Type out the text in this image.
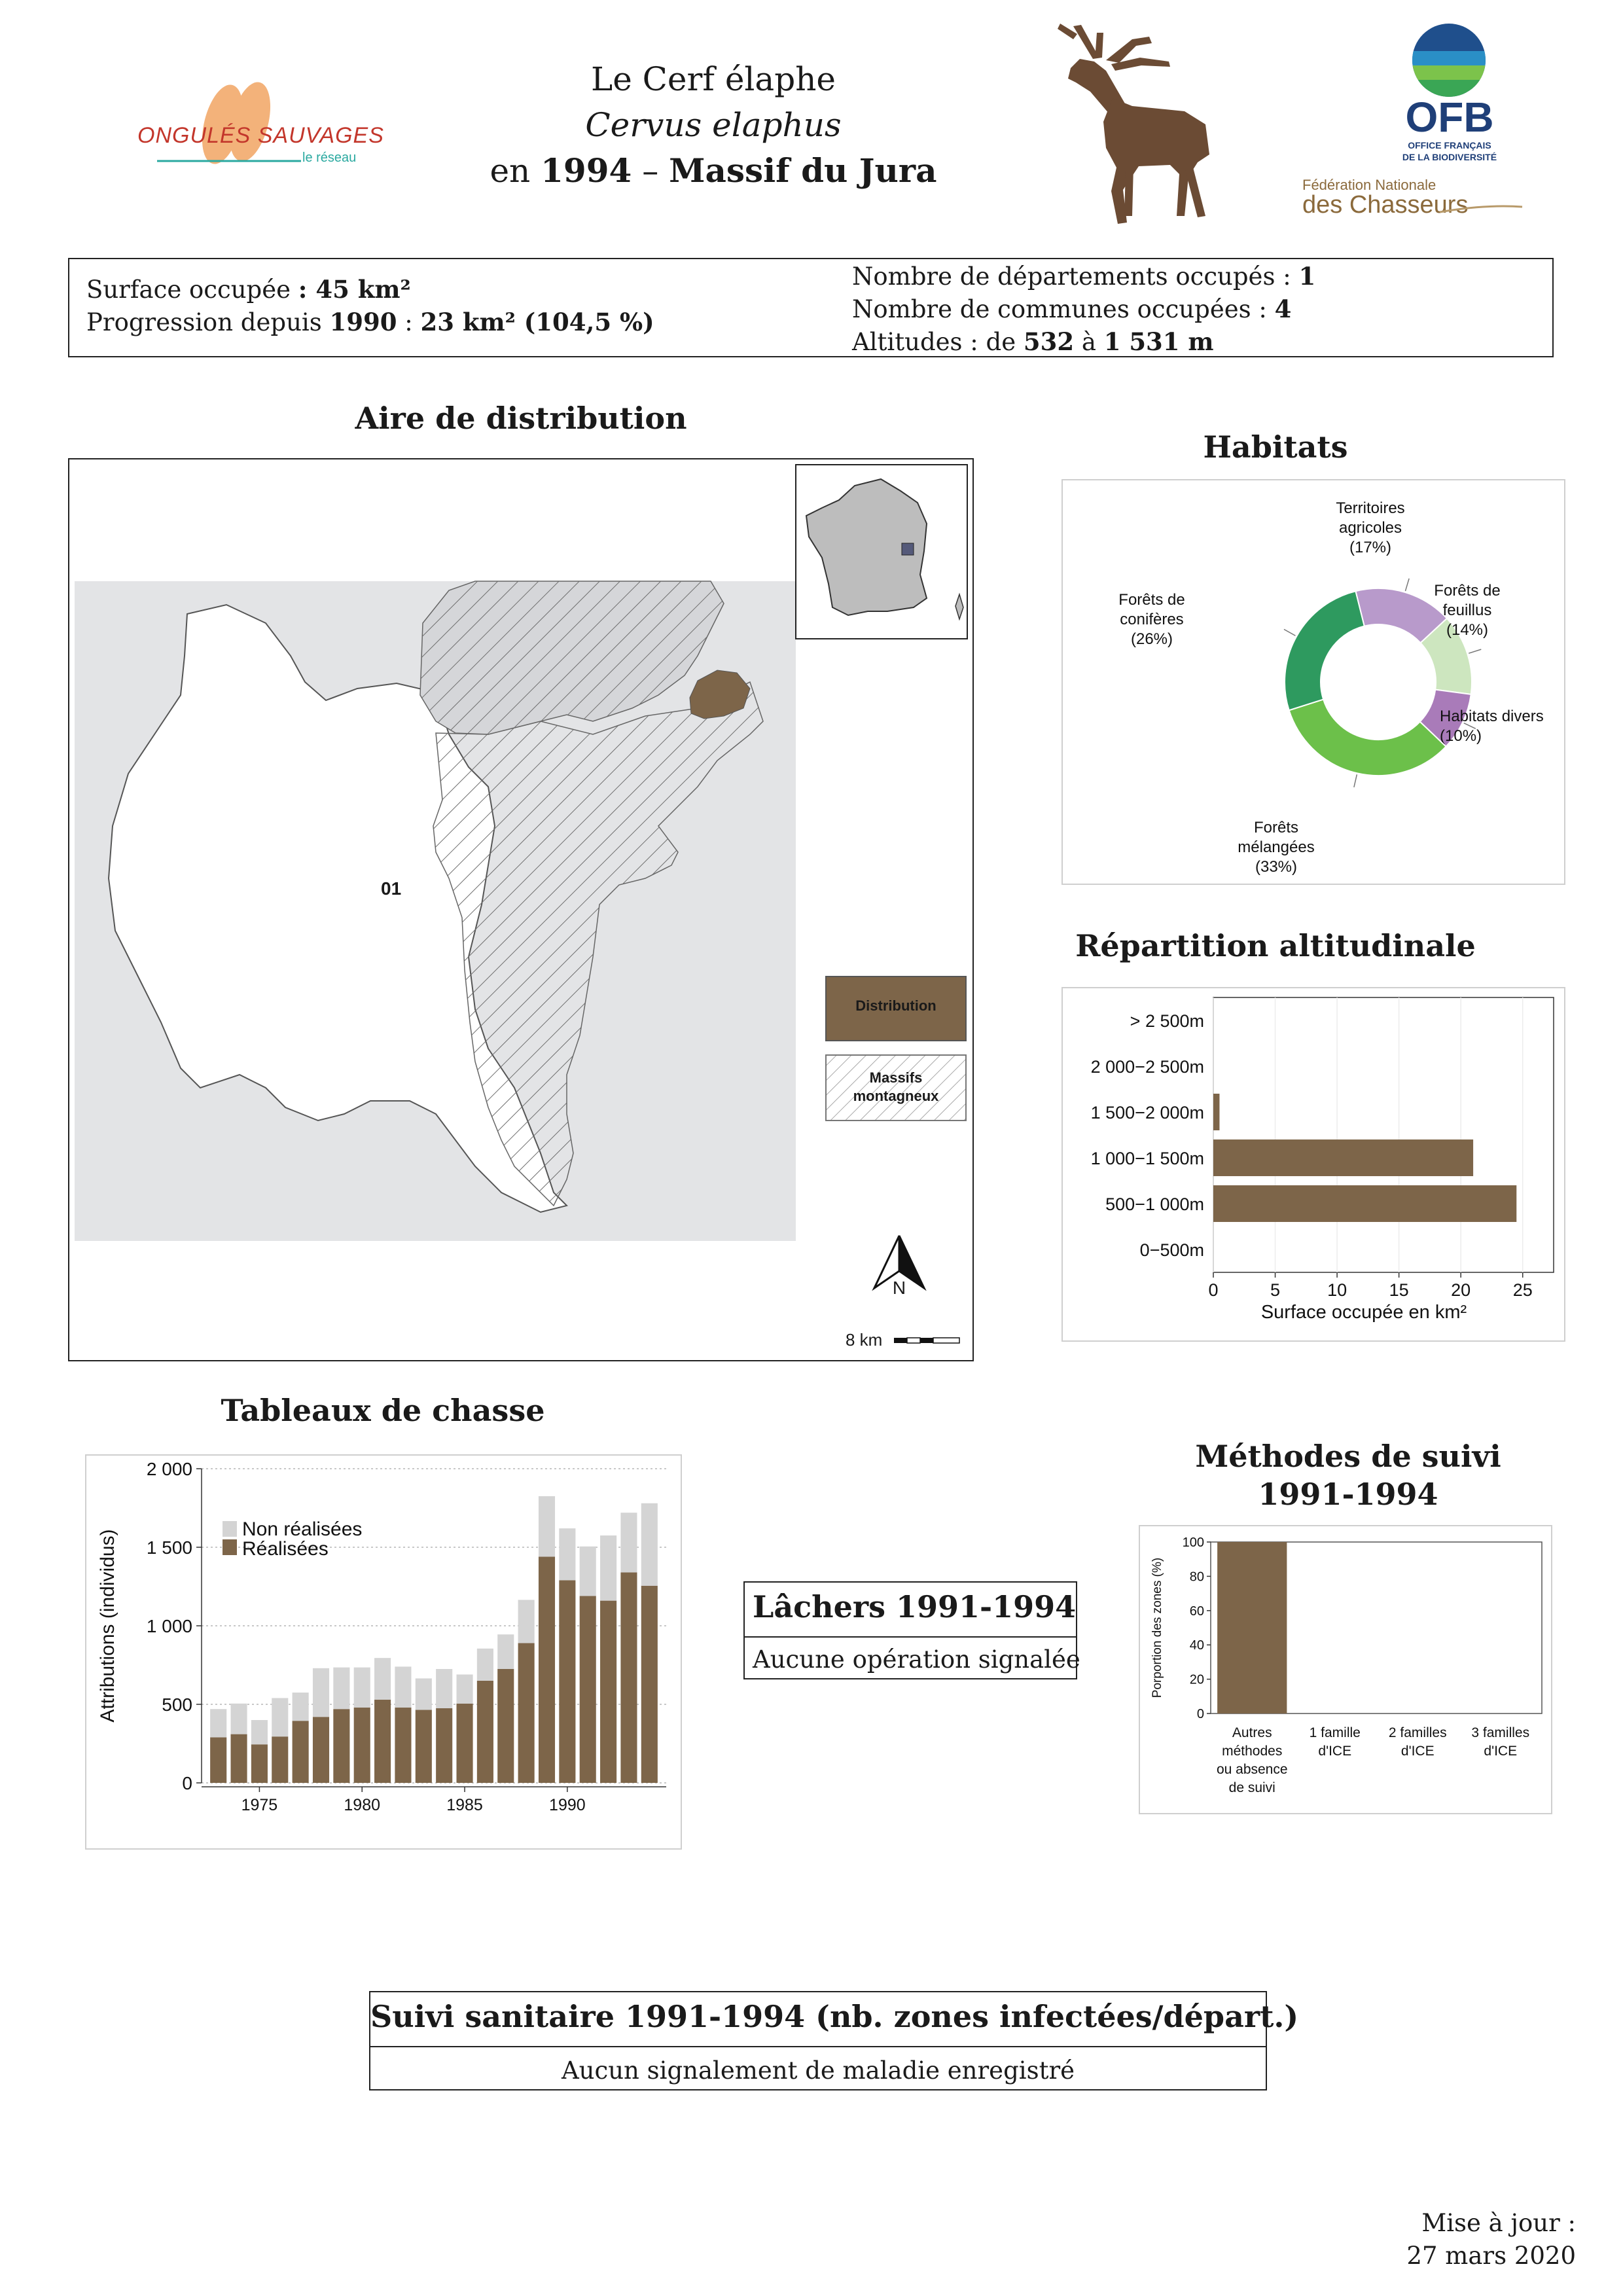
ONGULÉS SAUVAGES
le réseau
Le Cerf élaphe
Cervus elaphus
en 1994 – Massif du Jura
OFB
OFFICE FRANÇAIS
DE LA BIODIVERSITÉ
Fédération Nationale
des Chasseurs
Surface occupée : 45 km²
Progression depuis 1990 : 23 km² (104,5 %)
Nombre de départements occupés : 1
Nombre de communes occupées : 4
Altitudes : de 532 à 1 531 m
Aire de distribution
01
Distribution
Massifs
montagneux
N
8 km
Habitats
Territoires
agricoles
(17%)
Forêts de
feuillus
(14%)
Habitats divers
(10%)
Forêts
mélangées
(33%)
Forêts de
conifères
(26%)
Répartition altitudinale
0	5	10 15 20 25
> 2 500m
2 000−2 500m
1 500−2 000m
1 000−1 500m
500−1 000m
0−500m
Surface occupée en km²
Tableaux de chasse
0
500
1 000
1 500
2 000
1975	1980	1985	1990
Non réalisées
Réalisées
Attributions (individus)	Lâchers 1991-1994
Aucune opération signalée
Méthodes de suivi
1991-1994
0
20
40
60
80
100
Autres
méthodes
ou absence
de suivi
1 famille
d'ICE
2 familles
d'ICE
3 familles
d'ICE
Porportion des zones (%)
Suivi sanitaire 1991-1994 (nb. zones infectées/départ.)
Aucun signalement de maladie enregistré
Mise à jour :
27 mars 2020
